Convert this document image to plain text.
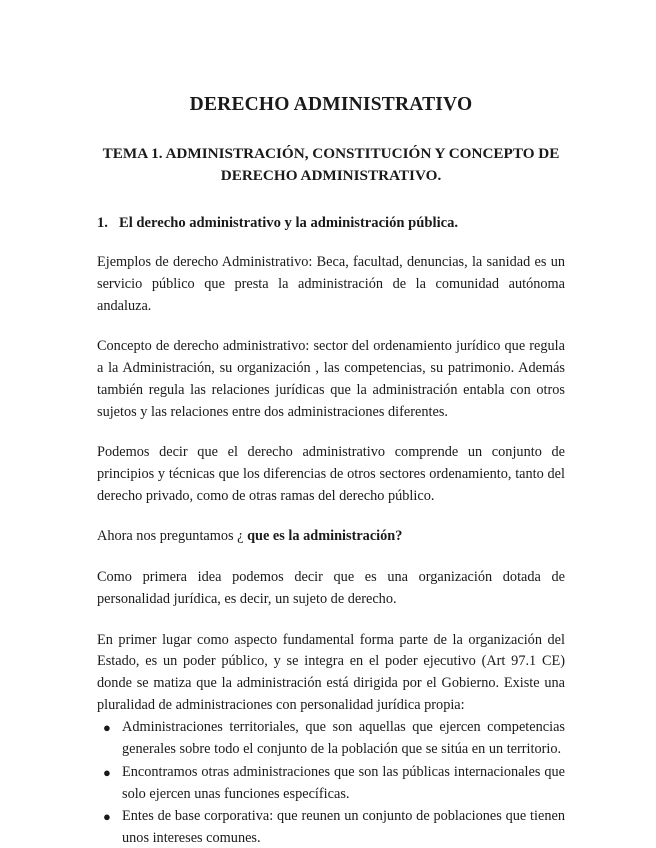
DERECHO ADMINISTRATIVO
TEMA 1. ADMINISTRACIÓN, CONSTITUCIÓN Y CONCEPTO DE
DERECHO ADMINISTRATIVO.
1. El derecho administrativo y la administración pública.

Ejemplos de derecho Administrativo: Beca, facultad, denuncias, la sanidad es un servicio público que presta la administración de la comunidad autónoma andaluza.

Concepto de derecho administrativo: sector del ordenamiento jurídico que regula a la Administración, su organización , las competencias, su patrimonio. Además también regula las relaciones jurídicas que la administración entabla con otros sujetos y las relaciones entre dos administraciones diferentes.

Podemos decir que el derecho administrativo comprende un conjunto de principios y técnicas que los diferencias de otros sectores ordenamiento, tanto del derecho privado, como de otras ramas del derecho público.

Ahora nos preguntamos ¿ que es la administración?

Como primera idea podemos decir que es una organización dotada de personalidad jurídica, es decir, un sujeto de derecho.

En primer lugar como aspecto fundamental forma parte de la organización del Estado, es un poder público, y se integra en el poder ejecutivo (Art 97.1 CE) donde se matiza que la administración está dirigida por el Gobierno. Existe una pluralidad de administraciones con personalidad jurídica propia:

● Administraciones territoriales, que son aquellas que ejercen competencias generales sobre todo el conjunto de la población que se sitúa en un territorio.
● Encontramos otras administraciones que son las públicas internacionales que solo ejercen unas funciones específicas.
● Entes de base corporativa: que reunen un conjunto de poblaciones que tienen unos intereses comunes.
